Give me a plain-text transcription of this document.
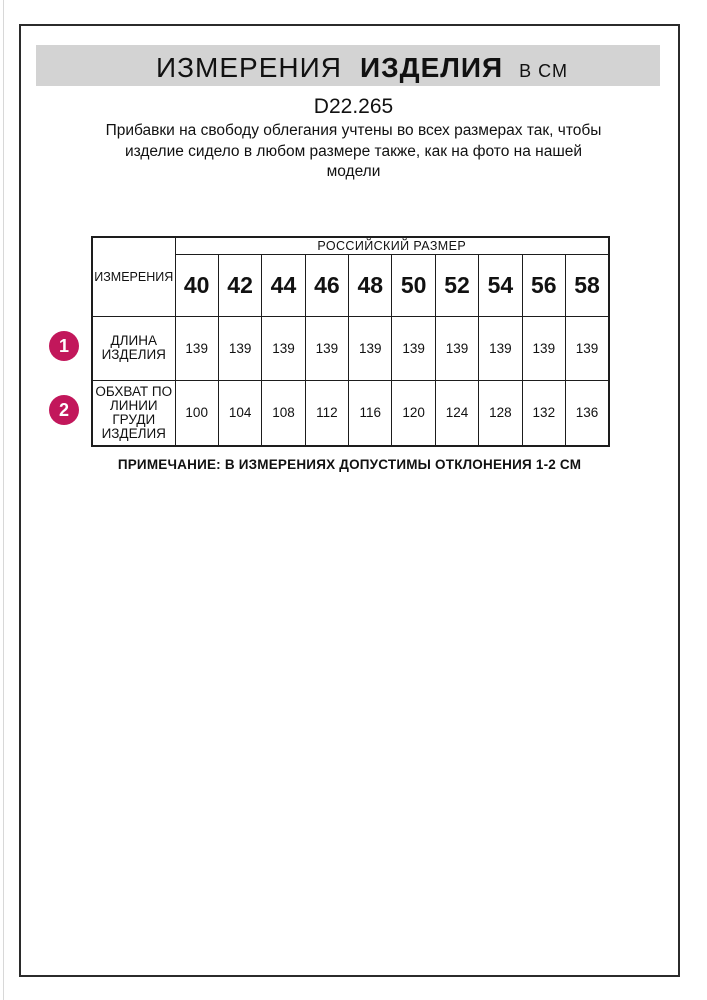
ИЗМЕРЕНИЯ ИЗДЕЛИЯ В СМ
D22.265
Прибавки на свободу облегания учтены во всех размерах так, чтобы
изделие сидело в любом размере также, как на фото на нашей
модели
ИЗМЕРЕНИЯ	РОССИЙСКИЙ РАЗМЕР									
	40	42	44	46	48	50	52	54	56	58

ДЛИНА
ИЗДЕЛИЯ	139	139	139	139	139	139	139	139	139	139

ОБХВАТ ПО
ЛИНИИ
ГРУДИ
ИЗДЕЛИЯ	100	104	108	112	116	120	124	128	132	136
1
2
ПРИМЕЧАНИЕ: В ИЗМЕРЕНИЯХ ДОПУСТИМЫ ОТКЛОНЕНИЯ 1-2 СМ
